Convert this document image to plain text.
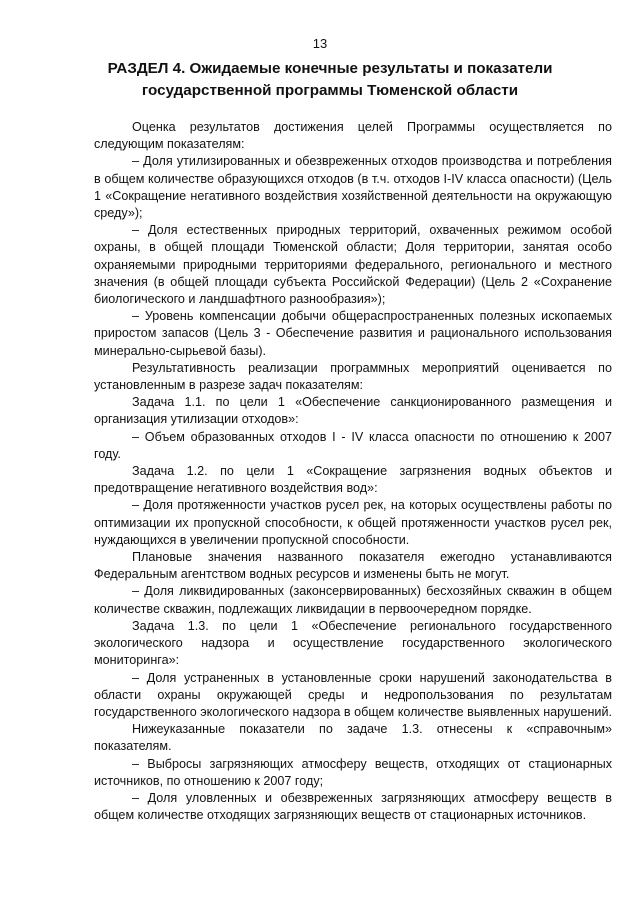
13
РАЗДЕЛ 4. Ожидаемые конечные результаты и показатели
государственной программы Тюменской области

Оценка результатов достижения целей Программы осуществляется по следующим показателям:

– Доля утилизированных и обезвреженных отходов производства и потребления в общем количестве образующихся отходов (в т.ч. отходов I-IV класса опасности) (Цель 1 «Сокращение негативного воздействия хозяйственной деятельности на окружающую среду»);

– Доля естественных природных территорий, охваченных режимом особой охраны, в общей площади Тюменской области; Доля территории, занятая особо охраняемыми природными территориями федерального, регионального и местного значения (в общей площади субъекта Российской Федерации) (Цель 2 «Сохранение биологического и ландшафтного разнообразия»);

– Уровень компенсации добычи общераспространенных полезных ископаемых приростом запасов (Цель 3 - Обеспечение развития и рационального использования минерально-сырьевой базы).

Результативность реализации программных мероприятий оценивается по установленным в разрезе задач показателям:

Задача 1.1. по цели 1 «Обеспечение санкционированного размещения и организация утилизации отходов»:

– Объем образованных отходов I - IV класса опасности по отношению к 2007 году.

Задача 1.2. по цели 1 «Сокращение загрязнения водных объектов и предотвращение негативного воздействия вод»:

– Доля протяженности участков русел рек, на которых осуществлены работы по оптимизации их пропускной способности, к общей протяженности участков русел рек, нуждающихся в увеличении пропускной способности.

Плановые значения названного показателя ежегодно устанавливаются Федеральным агентством водных ресурсов и изменены быть не могут.

– Доля ликвидированных (законсервированных) бесхозяйных скважин в общем количестве скважин, подлежащих ликвидации в первоочередном порядке.

Задача 1.3. по цели 1 «Обеспечение регионального государственного экологического надзора и осуществление государственного экологического мониторинга»:

– Доля устраненных в установленные сроки нарушений законодательства в области охраны окружающей среды и недропользования по результатам государственного экологического надзора в общем количестве выявленных нарушений.

Нижеуказанные показатели по задаче 1.3. отнесены к «справочным» показателям.

– Выбросы загрязняющих атмосферу веществ, отходящих от стационарных источников, по отношению к 2007 году;

– Доля уловленных и обезвреженных загрязняющих атмосферу веществ в общем количестве отходящих загрязняющих веществ от стационарных источников.
